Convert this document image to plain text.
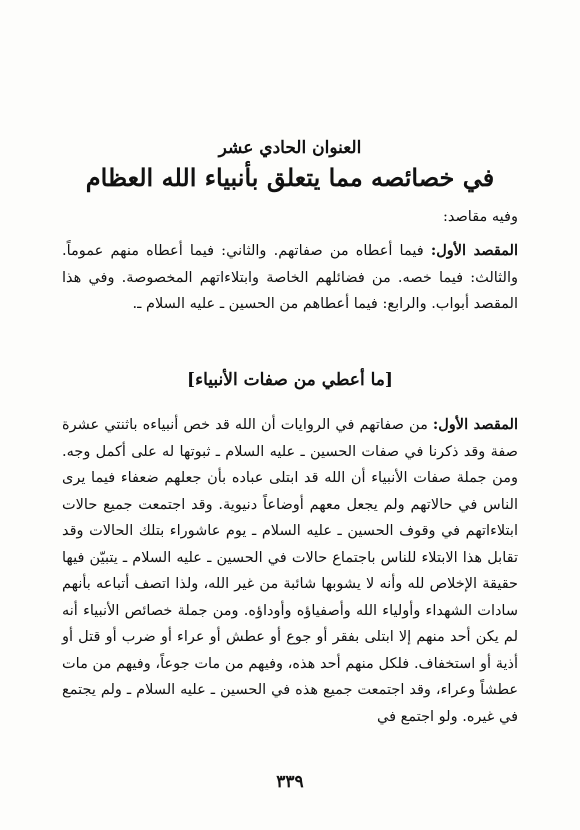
العنوان الحادي عشر
في خصائصه مما يتعلق بأنبياء الله العظام
وفيه مقاصد:
المقصد الأول: فيما أعطاه من صفاتهم. والثاني: فيما أعطاه منهم عموماً. والثالث: فيما خصه. من فضائلهم الخاصة وابتلاءاتهم المخصوصة. وفي هذا المقصد أبواب. والرابع: فيما أعطاهم من الحسين ـ عليه السلام ـ.
[ما أعطي من صفات الأنبياء]
المقصد الأول: من صفاتهم في الروايات أن الله قد خص أنبياءه باثنتي عشرة صفة وقد ذكرنا في صفات الحسين ـ عليه السلام ـ ثبوتها له على أكمل وجه. ومن جملة صفات الأنبياء أن الله قد ابتلى عباده بأن جعلهم ضعفاء فيما يرى الناس في حالاتهم ولم يجعل معهم أوضاعاً دنيوية. وقد اجتمعت جميع حالات ابتلاءاتهم في وقوف الحسين ـ عليه السلام ـ يوم عاشوراء بتلك الحالات وقد تقابل هذا الابتلاء للناس باجتماع حالات في الحسين ـ عليه السلام ـ يتبيّن فيها حقيقة الإخلاص لله وأنه لا يشوبها شائبة من غير الله، ولذا اتصف أتباعه بأنهم سادات الشهداء وأولياء الله وأصفياؤه وأوداؤه. ومن جملة خصائص الأنبياء أنه لم يكن أحد منهم إلا ابتلى بفقر أو جوع أو عطش أو عراء أو ضرب أو قتل أو أذية أو استخفاف. فلكل منهم أحد هذه، وفيهم من مات جوعاً، وفيهم من مات عطشاً وعراء، وقد اجتمعت جميع هذه في الحسين ـ عليه السلام ـ ولم يجتمع في غيره. ولو اجتمع في
٣٣٩
